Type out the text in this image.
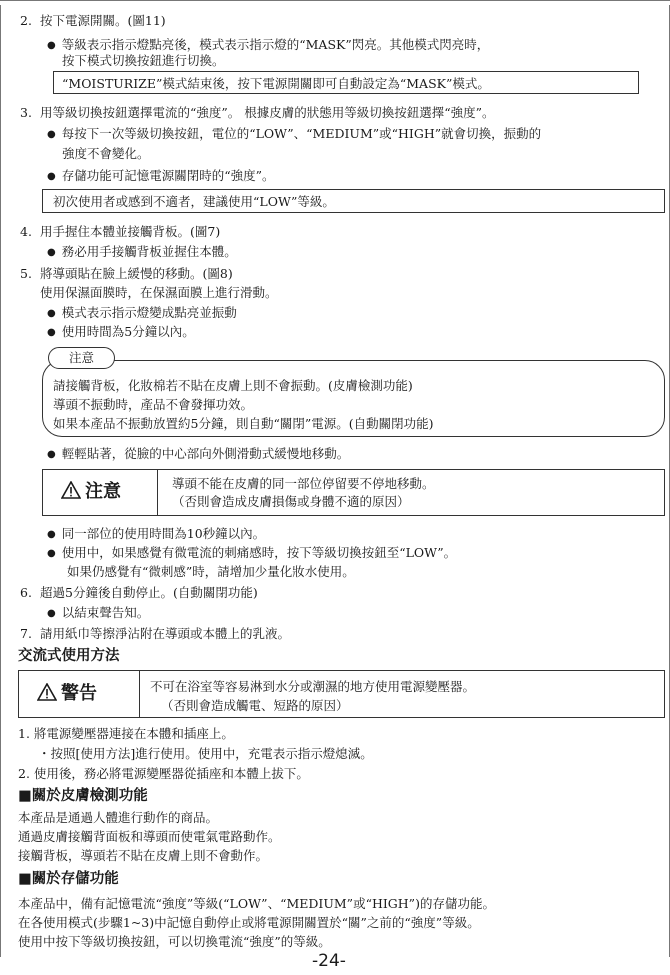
2. 按下電源開關。(圖11)
● 等級表示指示燈點亮後，模式表示指示燈的“MASK”閃亮。其他模式閃亮時，
按下模式切換按鈕進行切換。
“MOISTURIZE”模式結束後，按下電源開關即可自動設定為“MASK”模式。
3. 用等級切換按鈕選擇電流的“強度”。 根據皮膚的狀態用等級切換按鈕選擇“強度”。
● 每按下一次等級切換按鈕，電位的“LOW”、“MEDIUM”或“HIGH”就會切換，振動的
強度不會變化。
● 存儲功能可記憶電源關閉時的“強度”。
初次使用者或感到不適者，建議使用“LOW”等級。
4. 用手握住本體並接觸背板。(圖7)
● 務必用手接觸背板並握住本體。
5. 將導頭貼在臉上緩慢的移動。(圖8)
使用保濕面膜時，在保濕面膜上進行滑動。
● 模式表示指示燈變成點亮並振動
● 使用時間為5分鐘以內。
注意
請接觸背板，化妝棉若不貼在皮膚上則不會振動。(皮膚檢測功能)
導頭不振動時，產品不會發揮功效。
如果本產品不振動放置約5分鐘，則自動“關閉”電源。(自動關閉功能)
● 輕輕貼著，從臉的中心部向外側滑動式緩慢地移動。
注意	導頭不能在皮膚的同一部位停留要不停地移動。
（否則會造成皮膚損傷或身體不適的原因）
● 同一部位的使用時間為10秒鐘以內。
● 使用中，如果感覺有微電流的刺痛感時，按下等級切換按鈕至“LOW”。
如果仍感覺有“微刺感”時，請增加少量化妝水使用。
6. 超過5分鐘後自動停止。(自動關閉功能)
● 以結束聲告知。
7. 請用紙巾等擦淨沾附在導頭或本體上的乳液。
交流式使用方法
警告	不可在浴室等容易淋到水分或潮濕的地方使用電源變壓器。
（否則會造成觸電、短路的原因）
1. 將電源變壓器連接在本體和插座上。
・按照[使用方法]進行使用。使用中，充電表示指示燈熄滅。
2. 使用後，務必將電源變壓器從插座和本體上拔下。
■關於皮膚檢測功能
本產品是通過人體進行動作的商品。
通過皮膚接觸背面板和導頭而使電氣電路動作。
接觸背板，導頭若不貼在皮膚上則不會動作。
■關於存儲功能
本產品中，備有記憶電流“強度”等級(“LOW”、“MEDIUM”或“HIGH”)的存儲功能。
在各使用模式(步驟1~3)中記憶自動停止或將電源開關置於“關”之前的“強度”等級。
使用中按下等級切換按鈕，可以切換電流“強度”的等級。
-24-
